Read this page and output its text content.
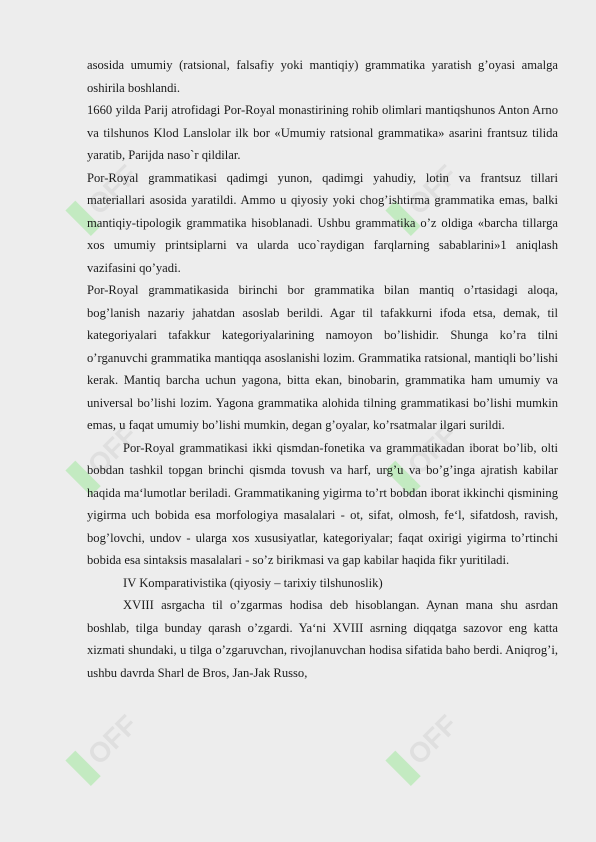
OFF	OFF
OFF	OFF
OFF	OFF

asosida umumiy (ratsional, falsafiy yoki mantiqiy) grammatika yaratish g’oyasi amalga oshirila boshlandi.

1660 yilda Parij atrofidagi Por-Royal monastirining rohib olimlari mantiqshunos Anton Arno va tilshunos Klod Lanslolar ilk bor «Umumiy ratsional grammatika» asarini frantsuz tilida yaratib, Parijda naso`r qildilar.

Por-Royal grammatikasi qadimgi yunon, qadimgi yahudiy, lotin va frantsuz tillari materiallari asosida yaratildi. Ammo u qiyosiy yoki chog’ishtirma grammatika emas, balki mantiqiy-tipologik grammatika hisoblanadi. Ushbu grammatika o’z oldiga «barcha tillarga xos umumiy printsiplarni va ularda uco`raydigan farqlarning sabablarini»1 aniqlash vazifasini qo’yadi.

Por-Royal grammatikasida birinchi bor grammatika bilan mantiq o’rtasidagi aloqa, bog’lanish nazariy jahatdan asoslab berildi. Agar til tafakkurni ifoda etsa, demak, til kategoriyalari tafakkur kategoriyalarining namoyon bo’lishidir. Shunga ko’ra tilni o’rganuvchi grammatika mantiqqa asoslanishi lozim. Grammatika ratsional, mantiqli bo’lishi kerak. Mantiq barcha uchun yagona, bitta ekan, binobarin, grammatika ham umumiy va universal bo’lishi lozim. Yagona grammatika alohida tilning grammatikasi bo’lishi mumkin emas, u faqat umumiy bo’lishi mumkin, degan g’oyalar, ko’rsatmalar ilgari surildi.

Por-Royal grammatikasi ikki qismdan-fonetika va grammatikadan iborat bo’lib, olti bobdan tashkil topgan brinchi qismda tovush va harf, urg’u va bo’g’inga ajratish kabilar haqida ma‘lumotlar beriladi. Grammatikaning yigirma to’rt bobdan iborat ikkinchi qismining yigirma uch bobida esa morfologiya masalalari - ot, sifat, olmosh, fe‘l, sifatdosh, ravish, bog’lovchi, undov - ularga xos xususiyatlar, kategoriyalar; faqat oxirigi yigirma to’rtinchi bobida esa sintaksis masalalari - so’z birikmasi va gap kabilar haqida fikr yuritiladi.

IV Komparativistika (qiyosiy – tarixiy tilshunoslik)

XVIII asrgacha til o’zgarmas hodisa deb hisoblangan. Aynan mana shu asrdan boshlab, tilga bunday qarash o’zgardi. Ya‘ni XVIII asrning diqqatga sazovor eng katta xizmati shundaki, u tilga o’zgaruvchan, rivojlanuvchan hodisa sifatida baho berdi. Aniqrog’i, ushbu davrda Sharl de Bros, Jan-Jak Russo,
